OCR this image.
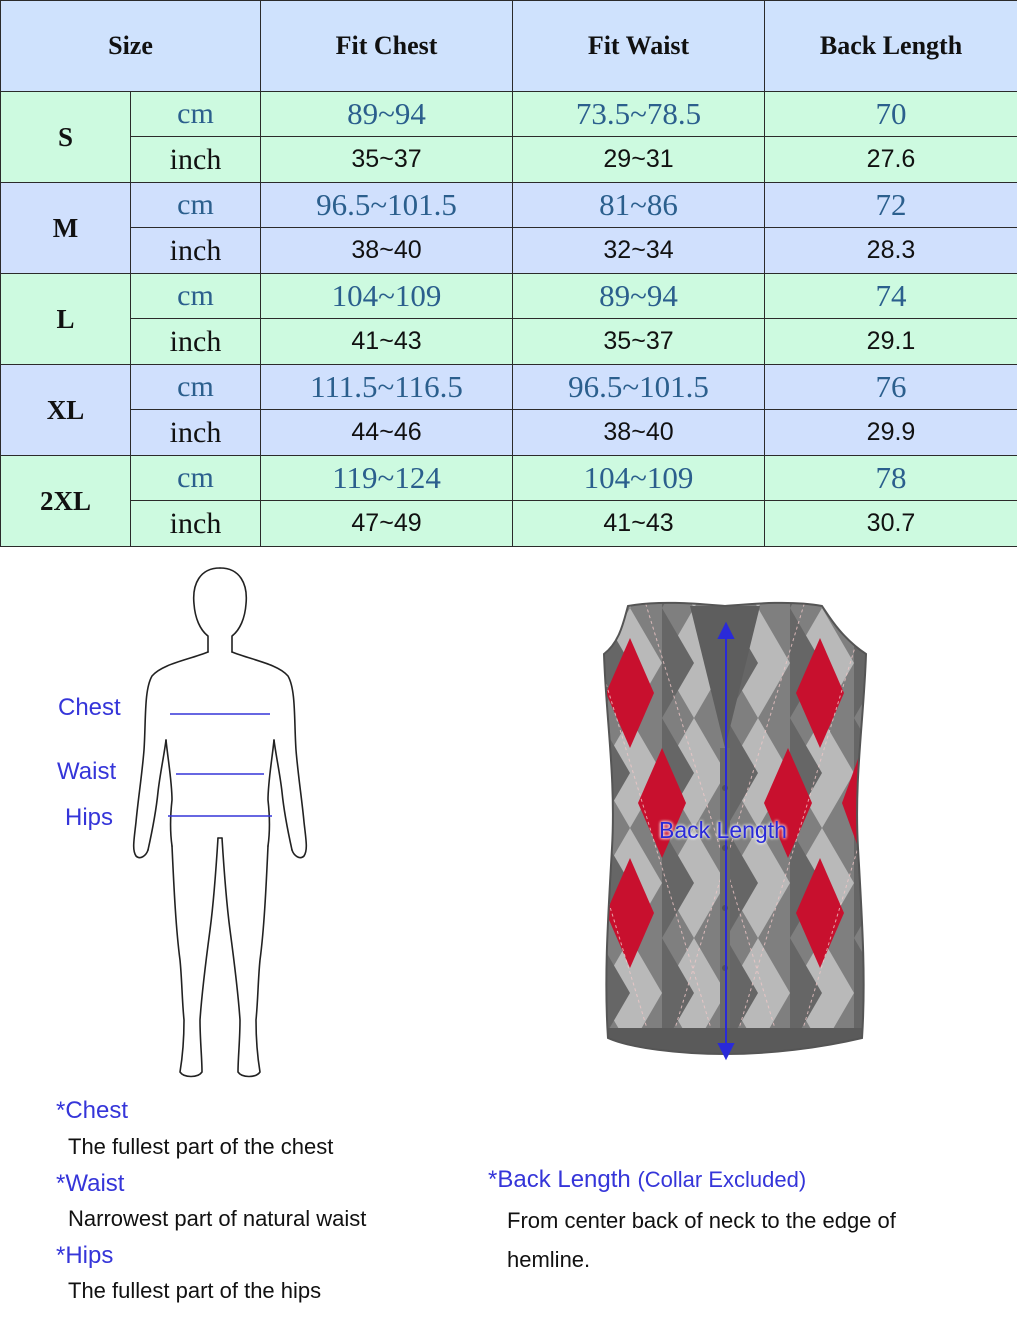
Size		Fit Chest	Fit Waist	Back Length
S	cm	89~94	73.5~78.5	70
	inch	35~37	29~31	27.6
M	cm	96.5~101.5	81~86	72
	inch	38~40	32~34	28.3
L	cm	104~109	89~94	74
	inch	41~43	35~37	29.1
XL	cm	111.5~116.5	96.5~101.5	76
	inch	44~46	38~40	29.9
2XL	cm	119~124	104~109	78
	inch	47~49	41~43	30.7
Chest
Waist
Hips	Back Length
*Chest
The fullest part of the chest
*Waist
Narrowest part of natural waist
*Hips
The fullest part of the hips
*Back Length (Collar Excluded)
From center back of neck to the edge of
hemline.
